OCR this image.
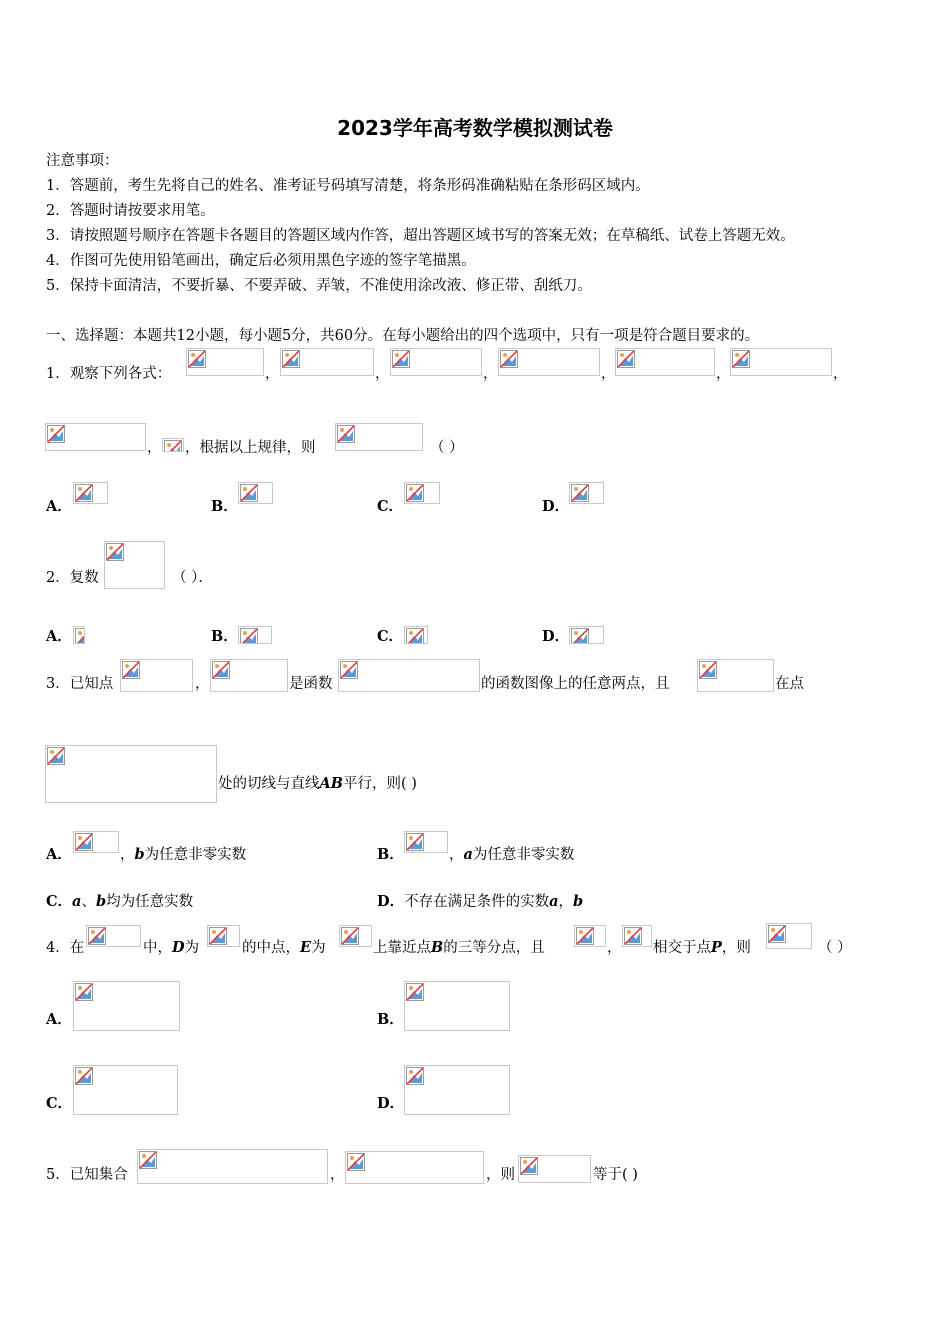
2023学年高考数学模拟测试卷
注意事项：
1．答题前，考生先将自己的姓名、准考证号码填写清楚，将条形码准确粘贴在条形码区域内。
2．答题时请按要求用笔。
3．请按照题号顺序在答题卡各题目的答题区域内作答，超出答题区域书写的答案无效；在草稿纸、试卷上答题无效。
4．作图可先使用铅笔画出，确定后必须用黑色字迹的签字笔描黑。
5．保持卡面清洁，不要折暴、不要弄破、弄皱，不准使用涂改液、修正带、刮纸刀。
一、选择题：本题共12小题，每小题5分，共60分。在每小题给出的四个选项中，只有一项是符合题目要求的。
1．观察下列各式：	，	，	，	，	，	，
， ，根据以上规律，则	（ ）
A．	B．	C．	D．
2．复数	（ ）．
A．	B．	C．	D．
3．已知点	，	是函数	的函数图像上的任意两点，且	在点
处的切线与直线AB平行，则( )
A．	，b为任意非零实数	B．	，a为任意非零实数
C．a、b均为任意实数	D．不存在满足条件的实数a，b
4．在	中，D为	的中点，E为	上靠近点B的三等分点，且	， 相交于点P，则	（ ）
A．	B．
C．	D．
5．已知集合	，	，则	等于( )
